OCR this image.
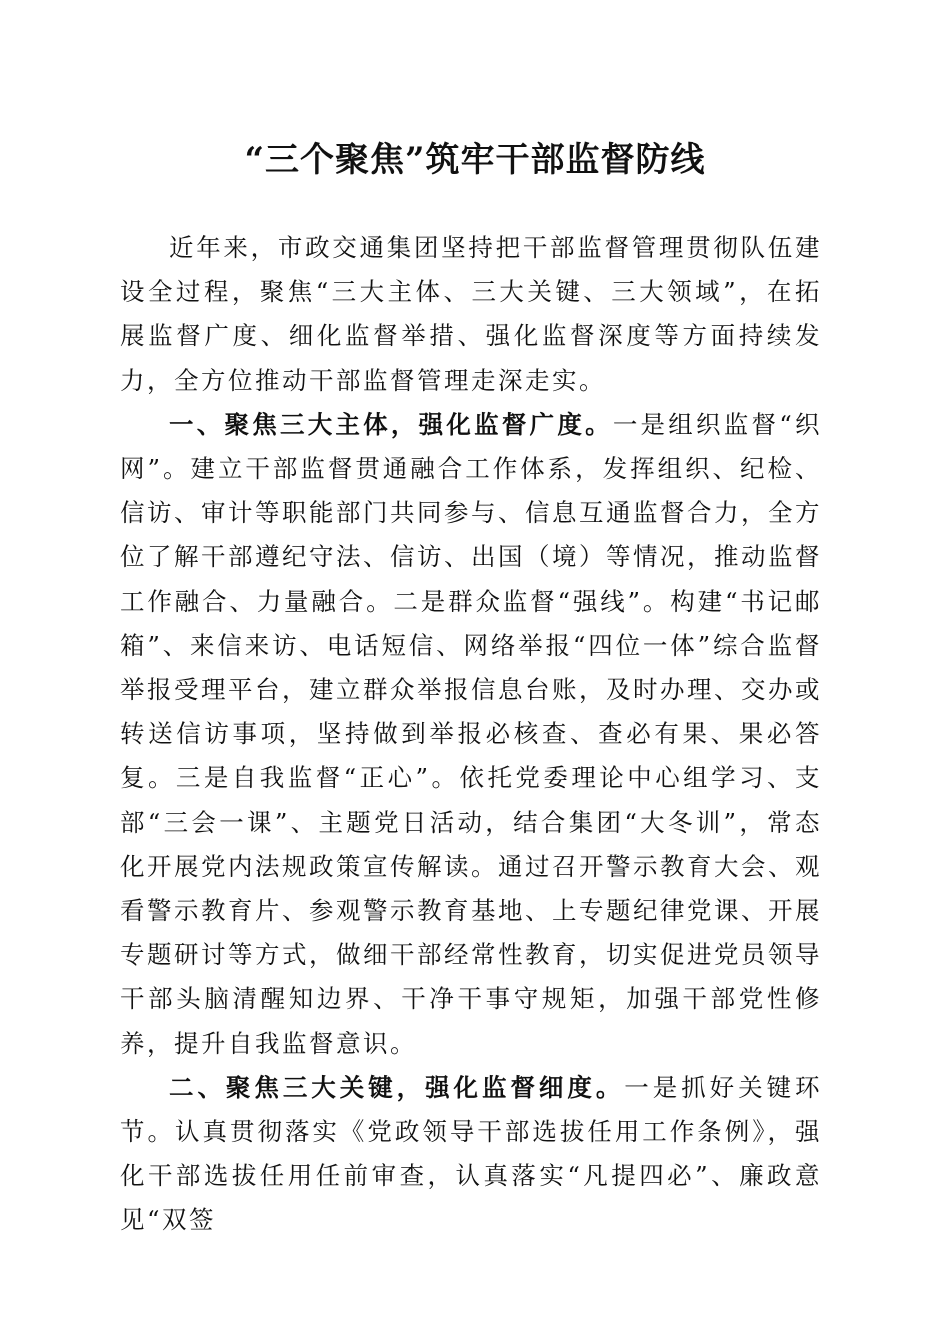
“三个聚焦”筑牢干部监督防线

近年来，市政交通集团坚持把干部监督管理贯彻队伍建设全过程，聚焦“三大主体、三大关键、三大领域”，在拓展监督广度、细化监督举措、强化监督深度等方面持续发力，全方位推动干部监督管理走深走实。

一、聚焦三大主体，强化监督广度。一是组织监督“织网”。建立干部监督贯通融合工作体系，发挥组织、纪检、信访、审计等职能部门共同参与、信息互通监督合力，全方位了解干部遵纪守法、信访、出国（境）等情况，推动监督工作融合、力量融合。二是群众监督“强线”。构建“书记邮箱”、来信来访、电话短信、网络举报“四位一体”综合监督举报受理平台，建立群众举报信息台账，及时办理、交办或转送信访事项，坚持做到举报必核查、查必有果、果必答复。三是自我监督“正心”。依托党委理论中心组学习、支部“三会一课”、主题党日活动，结合集团“大冬训”，常态化开展党内法规政策宣传解读。通过召开警示教育大会、观看警示教育片、参观警示教育基地、上专题纪律党课、开展专题研讨等方式，做细干部经常性教育，切实促进党员领导干部头脑清醒知边界、干净干事守规矩，加强干部党性修养，提升自我监督意识。

二、聚焦三大关键，强化监督细度。一是抓好关键环节。认真贯彻落实《党政领导干部选拔任用工作条例》，强化干部选拔任用任前审查，认真落实“凡提四必”、廉政意见“双签
